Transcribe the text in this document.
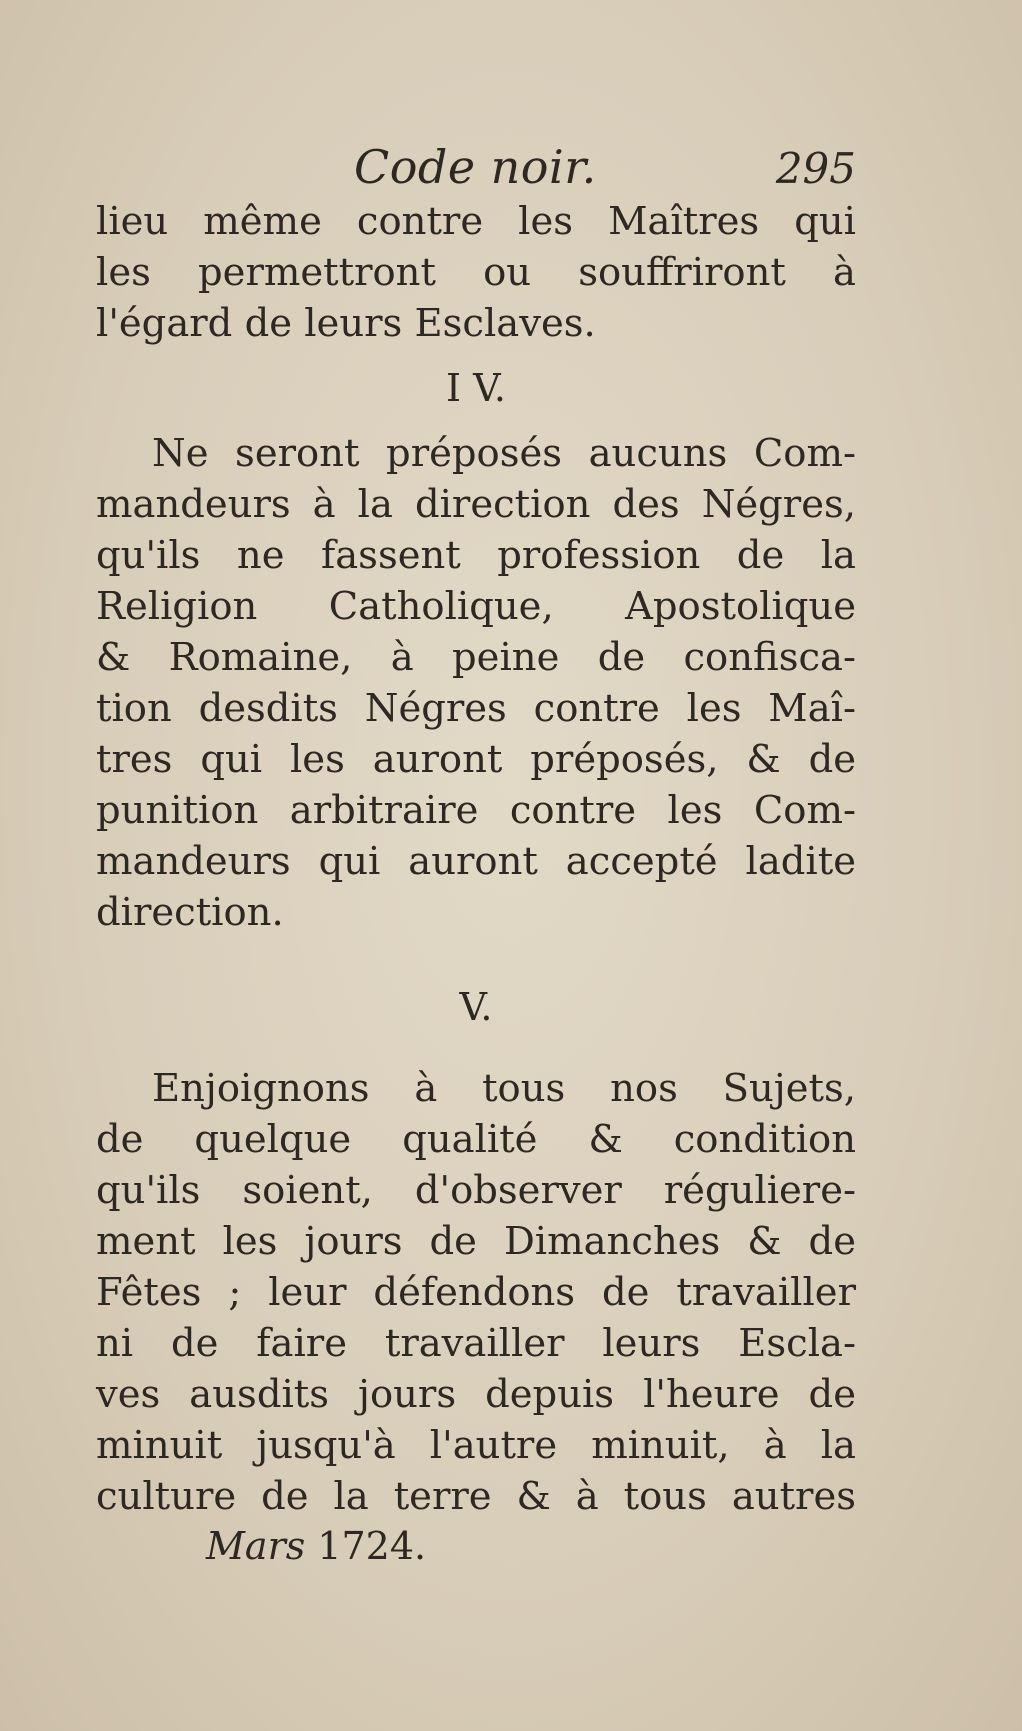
Code noir.	295
lieu même contre les Maîtres qui
les permettront ou souffriront à
l'égard de leurs Esclaves.
I V.
Ne seront préposés aucuns Com-
mandeurs à la direction des Négres,
qu'ils ne fassent profession de la
Religion Catholique, Apostolique
& Romaine, à peine de confisca-
tion desdits Négres contre les Maî-
tres qui les auront préposés, & de
punition arbitraire contre les Com-
mandeurs qui auront accepté ladite
direction.
V.
Enjoignons à tous nos Sujets,
de quelque qualité & condition
qu'ils soient, d'observer réguliere-
ment les jours de Dimanches & de
Fêtes ; leur défendons de travailler
ni de faire travailler leurs Escla-
ves ausdits jours depuis l'heure de
minuit jusqu'à l'autre minuit, à la
culture de la terre & à tous autres
Mars 1724.
